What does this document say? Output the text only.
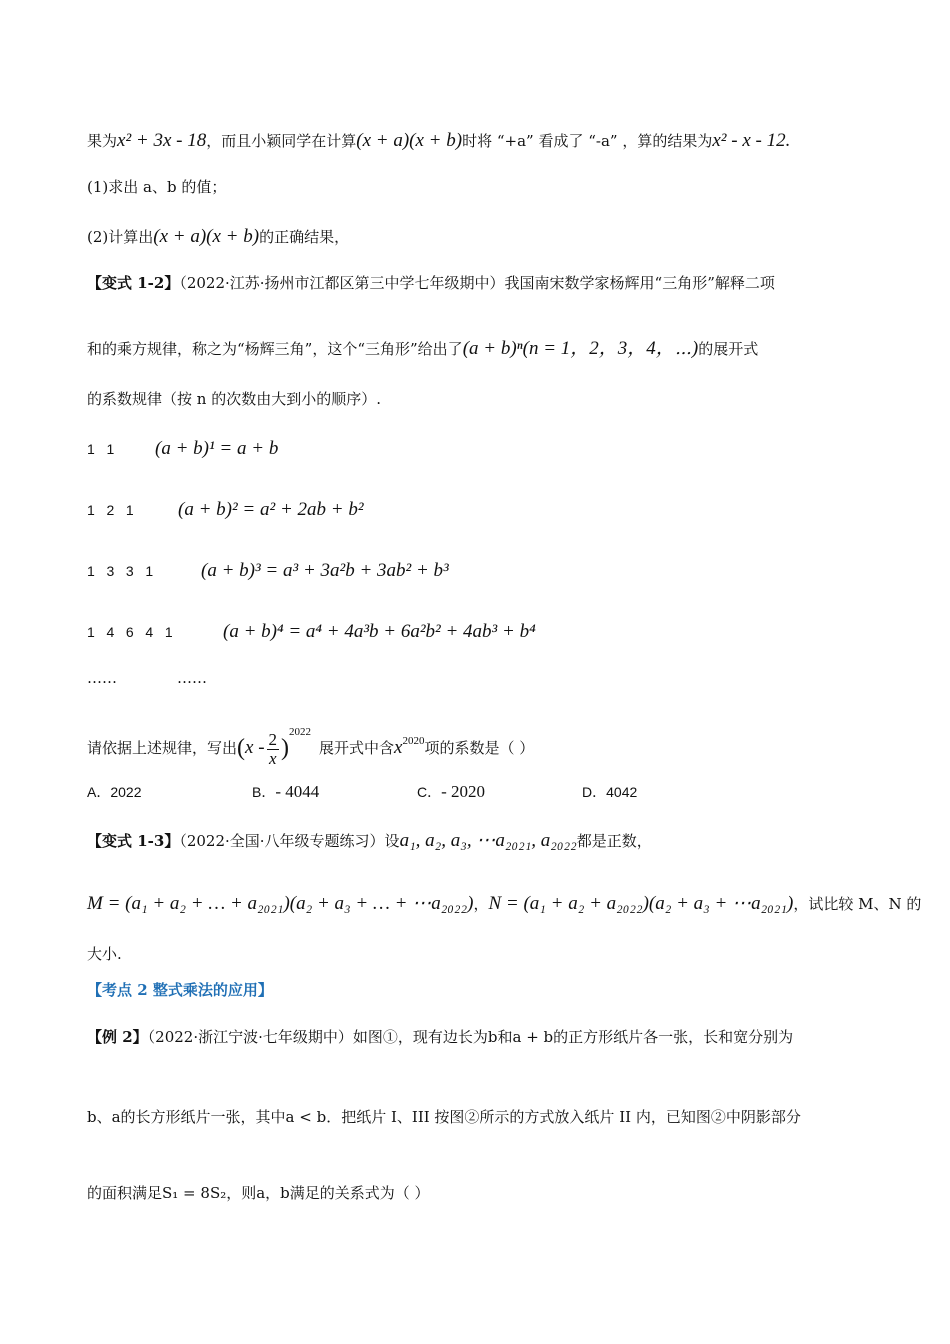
果为x² + 3x - 18，而且小颖同学在计算(x + a)(x + b)时将 “+a” 看成了 “-a” ，算的结果为x² - x - 12.
(1)求出 a、b 的值；
(2)计算出(x + a)(x + b)的正确结果，
【变式 1-2】（2022·江苏·扬州市江都区第三中学七年级期中）我国南宋数学家杨辉用“三角形”解释二项
和的乘方规律，称之为“杨辉三角”，这个“三角形”给出了(a + b)ⁿ(n = 1，2，3，4，⋯)的展开式
的系数规律（按 n 的次数由大到小的顺序）.
1   1 (a + b)¹ = a + b
1   2   1 (a + b)² = a² + 2ab + b²
1   3   3   1	(a + b)³ = a³ + 3a²b + 3ab² + b³
1   4   6   4   1	(a + b)⁴ = a⁴ + 4a³b + 6a²b² + 4ab³ + b⁴
……	……
请依据上述规律，写出$(x - \frac{2}{x} )^{2022}$展开式中含$x^{2020}$项的系数是（ ）
A．2022	B．- 4044	C．- 2020	D．4042
【变式 1-3】（2022·全国·八年级专题练习）设a₁, a₂, a₃, ⋯a₂₀₂₁, a₂₀₂₂都是正数，
M = (a₁ + a₂ + … + a₂₀₂₁)(a₂ + a₃ + … + ⋯a₂₀₂₂)，N = (a₁ + a₂ + a₂₀₂₂)(a₂ + a₃ + ⋯a₂₀₂₁)，试比较 M、N 的
大小.
【考点 2 整式乘法的应用】
【例 2】（2022·浙江宁波·七年级期中）如图①，现有边长为b和a + b的正方形纸片各一张，长和宽分别为
b、a的长方形纸片一张，其中a < b．把纸片 I、III 按图②所示的方式放入纸片 II 内，已知图②中阴影部分
的面积满足S₁ = 8S₂，则a，b满足的关系式为（ ）
